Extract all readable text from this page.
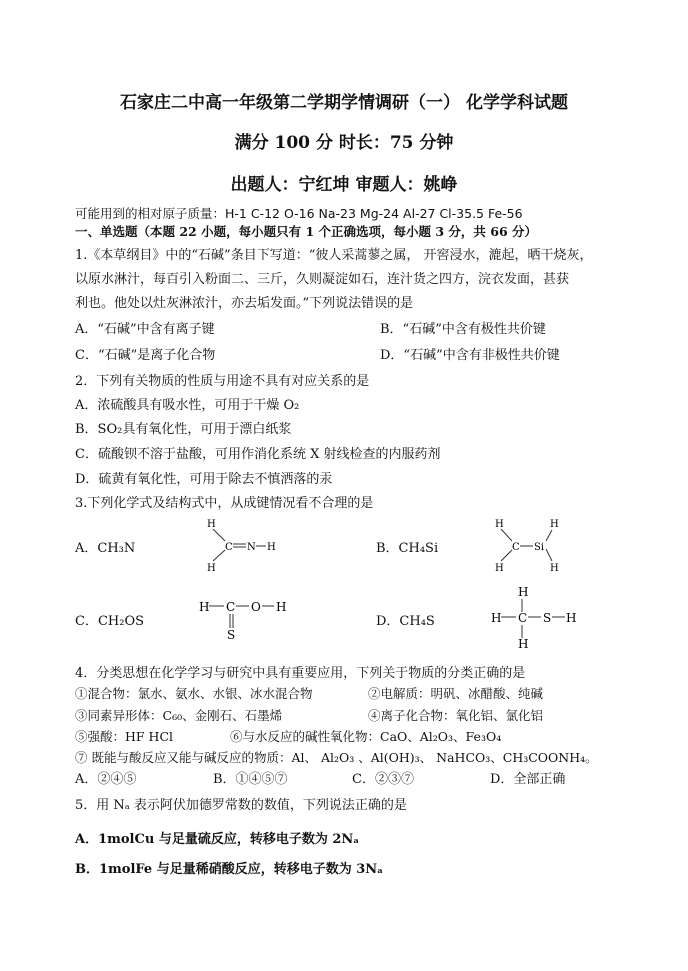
石家庄二中高一年级第二学期学情调研（一） 化学学科试题
满分 100 分 时长：75 分钟
出题人：宁红坤 审题人：姚峥
可能用到的相对原子质量：H-1 C-12 O-16 Na-23 Mg-24 Al-27 Cl-35.5 Fe-56
一、单选题（本题 22 小题，每小题只有 1 个正确选项，每小题 3 分，共 66 分）
1.《本草纲目》中的“石碱”条目下写道：“彼人采蒿蓼之属， 开窖浸水，漉起，晒干烧灰，
以原水淋汁，每百引入粉面二、三斤，久则凝淀如石，连汁货之四方，浣衣发面，甚获
利也。他处以灶灰淋浓汁，亦去垢发面。”下列说法错误的是
A．“石碱”中含有离子键	B．“石碱”中含有极性共价键
C．“石碱”是离子化合物	D．“石碱”中含有非极性共价键
2．下列有关物质的性质与用途不具有对应关系的是
A．浓硫酸具有吸水性，可用于干燥 O₂
B．SO₂具有氧化性，可用于漂白纸浆
C．硫酸钡不溶于盐酸，可用作消化系统 X 射线检查的内服药剂
D．硫黄有氧化性，可用于除去不慎洒落的汞
3.下列化学式及结构式中，从成键情况看不合理的是
A．CH₃N	B．CH₄Si
C．CH₂OS	D．CH₄S
H
H
C N H
H
H
C Si
H
H
H C O H
S
H
H C S H
H
4．分类思想在化学学习与研究中具有重要应用，下列关于物质的分类正确的是
①混合物：氯水、氨水、水银、冰水混合物	②电解质：明矾、冰醋酸、纯碱
③同素异形体：C₆₀、金刚石、石墨烯	④离子化合物：氧化铝、氯化铝
⑤强酸：HF HCl	⑥与水反应的碱性氧化物：CaO、Al₂O₃、Fe₃O₄
⑦ 既能与酸反应又能与碱反应的物质：Al、 Al₂O₃ 、Al(OH)₃、 NaHCO₃、CH₃COONH₄。
A．②④⑤	B．①④⑤⑦	C．②③⑦	D．全部正确
5．用 Nₐ 表示阿伏加德罗常数的数值，下列说法正确的是
A．1molCu 与足量硫反应，转移电子数为 2Nₐ
B．1molFe 与足量稀硝酸反应，转移电子数为 3Nₐ
